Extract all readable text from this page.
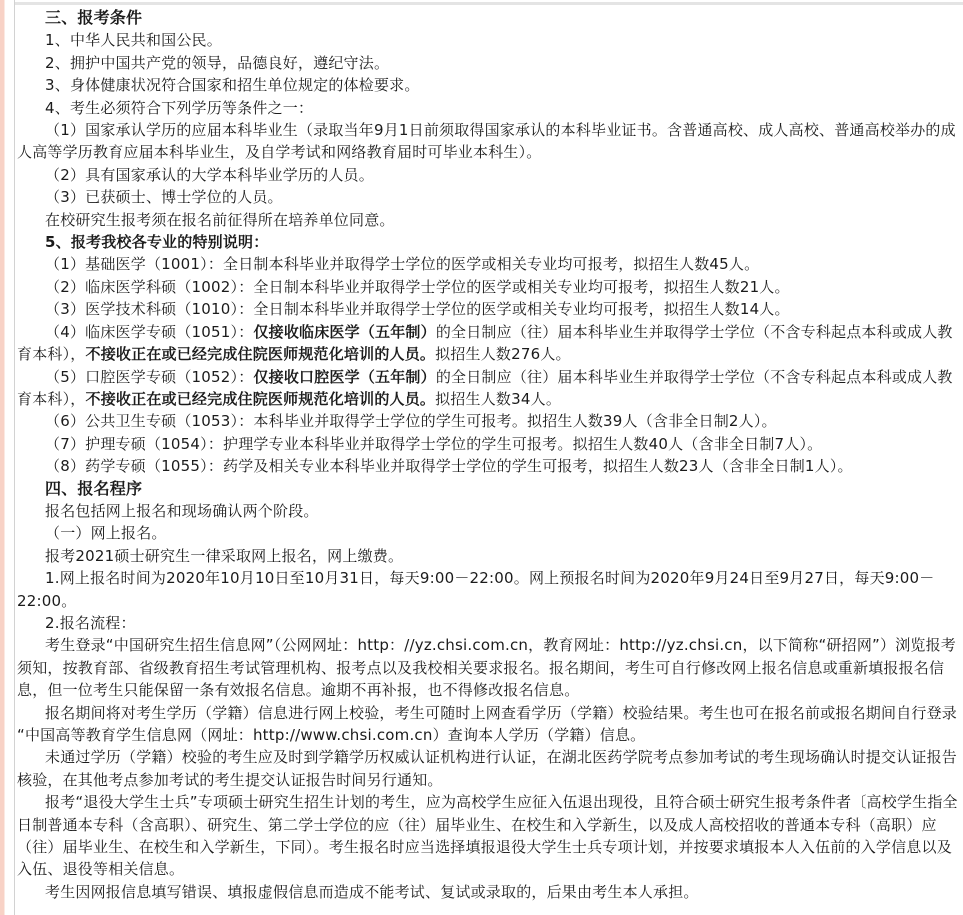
三、报考条件

1、中华人民共和国公民。

2、拥护中国共产党的领导，品德良好，遵纪守法。

3、身体健康状况符合国家和招生单位规定的体检要求。

4、考生必须符合下列学历等条件之一：

（1）国家承认学历的应届本科毕业生（录取当年9月1日前须取得国家承认的本科毕业证书。含普通高校、成人高校、普通高校举办的成人高等学历教育应届本科毕业生，及自学考试和网络教育届时可毕业本科生）。

（2）具有国家承认的大学本科毕业学历的人员。

（3）已获硕士、博士学位的人员。

在校研究生报考须在报名前征得所在培养单位同意。

5、报考我校各专业的特别说明：

（1）基础医学（1001）：全日制本科毕业并取得学士学位的医学或相关专业均可报考，拟招生人数45人。

（2）临床医学科硕（1002）：全日制本科毕业并取得学士学位的医学或相关专业均可报考，拟招生人数21人。

（3）医学技术科硕（1010）：全日制本科毕业并取得学士学位的医学或相关专业均可报考，拟招生人数14人。

（4）临床医学专硕（1051）：仅接收临床医学（五年制）的全日制应（往）届本科毕业生并取得学士学位（不含专科起点本科或成人教育本科），不接收正在或已经完成住院医师规范化培训的人员。拟招生人数276人。

（5）口腔医学专硕（1052）：仅接收口腔医学（五年制）的全日制应（往）届本科毕业生并取得学士学位（不含专科起点本科或成人教育本科），不接收正在或已经完成住院医师规范化培训的人员。拟招生人数34人。

（6）公共卫生专硕（1053）：本科毕业并取得学士学位的学生可报考。拟招生人数39人（含非全日制2人）。

（7）护理专硕（1054）：护理学专业本科毕业并取得学士学位的学生可报考。拟招生人数40人（含非全日制7人）。

（8）药学专硕（1055）：药学及相关专业本科毕业并取得学士学位的学生可报考，拟招生人数23人（含非全日制1人）。

四、报名程序

报名包括网上报名和现场确认两个阶段。

（一）网上报名。

报考2021硕士研究生一律采取网上报名，网上缴费。

1.网上报名时间为2020年10月10日至10月31日，每天9:00－22:00。网上预报名时间为2020年9月24日至9月27日，每天9:00－22:00。

2.报名流程：

考生登录“中国研究生招生信息网”（公网网址：http：//yz.chsi.com.cn，教育网址：http://yz.chsi.cn，以下简称“研招网”）浏览报考须知，按教育部、省级教育招生考试管理机构、报考点以及我校相关要求报名。报名期间，考生可自行修改网上报名信息或重新填报报名信息，但一位考生只能保留一条有效报名信息。逾期不再补报，也不得修改报名信息。

报名期间将对考生学历（学籍）信息进行网上校验，考生可随时上网查看学历（学籍）校验结果。考生也可在报名前或报名期间自行登录“中国高等教育学生信息网（网址：http://www.chsi.com.cn）查询本人学历（学籍）信息。

未通过学历（学籍）校验的考生应及时到学籍学历权威认证机构进行认证，在湖北医药学院考点参加考试的考生现场确认时提交认证报告核验，在其他考点参加考试的考生提交认证报告时间另行通知。

报考“退役大学生士兵”专项硕士研究生招生计划的考生，应为高校学生应征入伍退出现役，且符合硕士研究生报考条件者〔高校学生指全日制普通本专科（含高职）、研究生、第二学士学位的应（往）届毕业生、在校生和入学新生，以及成人高校招收的普通本专科（高职）应（往）届毕业生、在校生和入学新生，下同）。考生报名时应当选择填报退役大学生士兵专项计划，并按要求填报本人入伍前的入学信息以及入伍、退役等相关信息。

考生因网报信息填写错误、填报虚假信息而造成不能考试、复试或录取的，后果由考生本人承担。
